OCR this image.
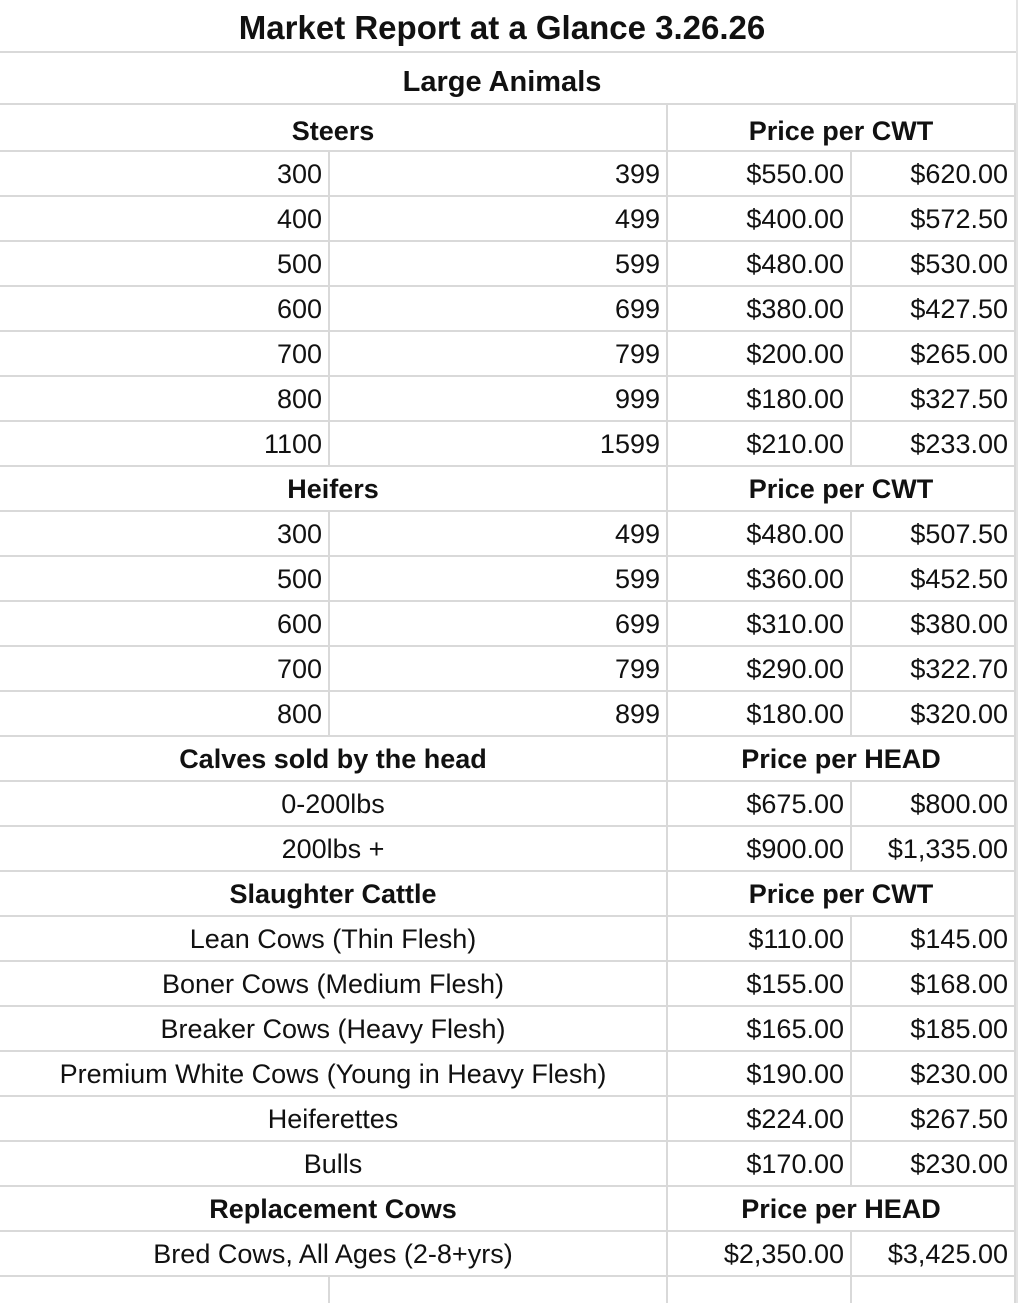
Market Report at a Glance 3.26.26
Large Animals
Steers	Price per CWT
300	399	$550.00	$620.00
400	499	$400.00	$572.50
500	599	$480.00	$530.00
600	699	$380.00	$427.50
700	799	$200.00	$265.00
800	999	$180.00	$327.50
1100	1599	$210.00	$233.00
Heifers	Price per CWT
300	499	$480.00	$507.50
500	599	$360.00	$452.50
600	699	$310.00	$380.00
700	799	$290.00	$322.70
800	899	$180.00	$320.00
Calves sold by the head	Price per HEAD
0-200lbs	$675.00	$800.00
200lbs +	$900.00	$1,335.00
Slaughter Cattle	Price per CWT
Lean Cows (Thin Flesh)	$110.00	$145.00
Boner Cows (Medium Flesh)	$155.00	$168.00
Breaker Cows (Heavy Flesh)	$165.00	$185.00
Premium White Cows (Young in Heavy Flesh)	$190.00	$230.00
Heiferettes	$224.00	$267.50
Bulls	$170.00	$230.00
Replacement Cows	Price per HEAD
Bred Cows, All Ages (2-8+yrs)	$2,350.00	$3,425.00
